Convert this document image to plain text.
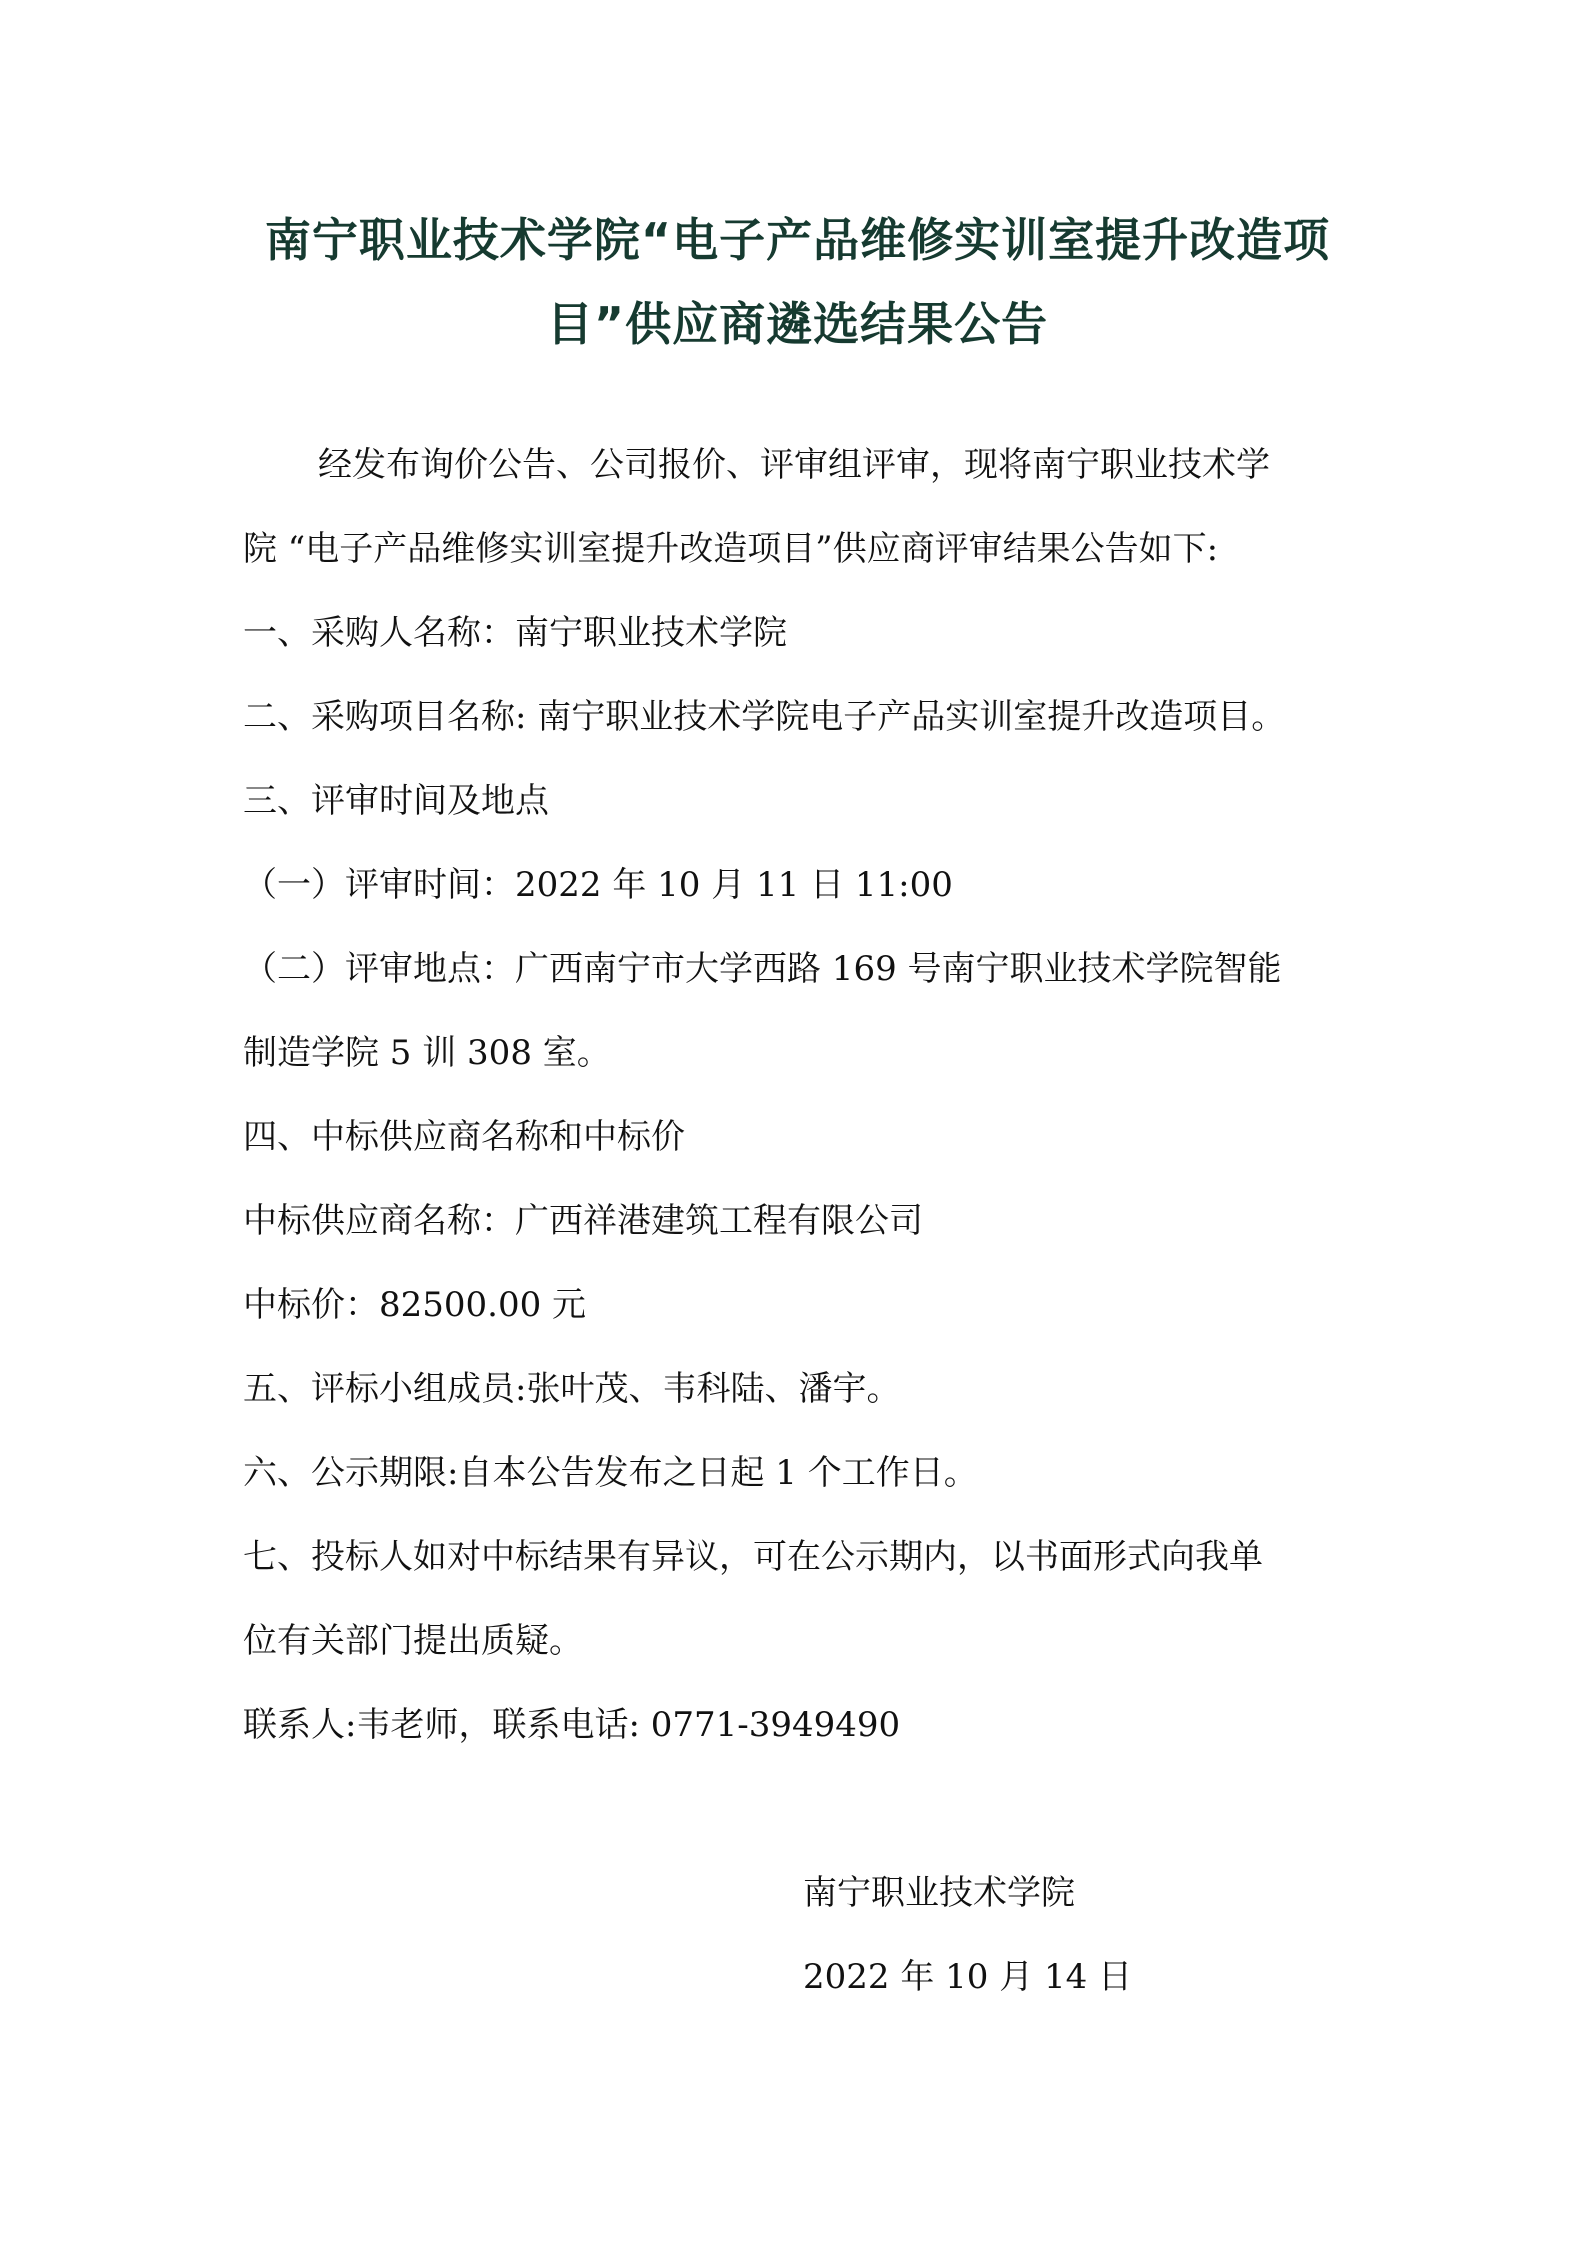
南宁职业技术学院“电子产品维修实训室提升改造项
目”供应商遴选结果公告
经发布询价公告、公司报价、评审组评审，现将南宁职业技术学
院 “电子产品维修实训室提升改造项目”供应商评审结果公告如下:
一、采购人名称：南宁职业技术学院
二、采购项目名称: 南宁职业技术学院电子产品实训室提升改造项目。
三、评审时间及地点
（一）评审时间：2022 年 10 月 11 日 11:00
（二）评审地点：广西南宁市大学西路 169 号南宁职业技术学院智能
制造学院 5 训 308 室。
四、中标供应商名称和中标价
中标供应商名称：广西祥港建筑工程有限公司
中标价：82500.00 元
五、评标小组成员:张叶茂、韦科陆、潘宇。
六、公示期限:自本公告发布之日起 1 个工作日。
七、投标人如对中标结果有异议，可在公示期内，以书面形式向我单
位有关部门提出质疑。
联系人:韦老师，联系电话: 0771-3949490
南宁职业技术学院
2022 年 10 月 14 日
